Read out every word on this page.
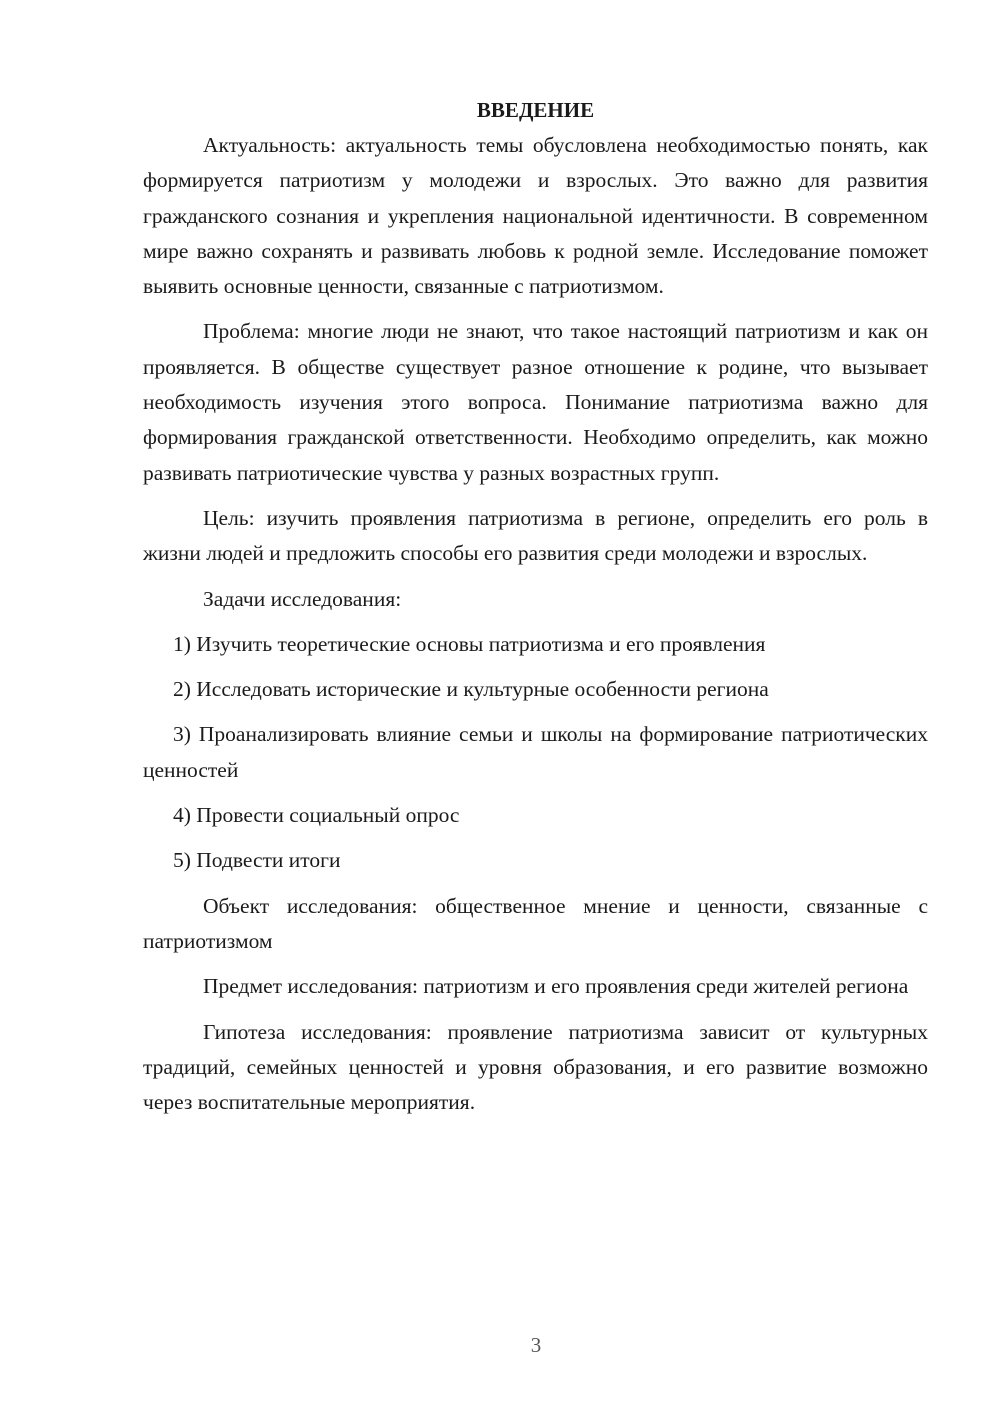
ВВЕДЕНИЕ

Актуальность: актуальность темы обусловлена необходимостью понять, как формируется патриотизм у молодежи и взрослых. Это важно для развития гражданского сознания и укрепления национальной идентичности. В современном мире важно сохранять и развивать любовь к родной земле. Исследование поможет выявить основные ценности, связанные с патриотизмом.

Проблема: многие люди не знают, что такое настоящий патриотизм и как он проявляется. В обществе существует разное отношение к родине, что вызывает необходимость изучения этого вопроса. Понимание патриотизма важно для формирования гражданской ответственности. Необходимо определить, как можно развивать патриотические чувства у разных возрастных групп.

Цель: изучить проявления патриотизма в регионе, определить его роль в жизни людей и предложить способы его развития среди молодежи и взрослых.

Задачи исследования:

1) Изучить теоретические основы патриотизма и его проявления

2) Исследовать исторические и культурные особенности региона

3) Проанализировать влияние семьи и школы на формирование патриотических ценностей

4) Провести социальный опрос

5) Подвести итоги

Объект исследования: общественное мнение и ценности, связанные с патриотизмом

Предмет исследования: патриотизм и его проявления среди жителей региона

Гипотеза исследования: проявление патриотизма зависит от культурных традиций, семейных ценностей и уровня образования, и его развитие возможно через воспитательные мероприятия.

3
